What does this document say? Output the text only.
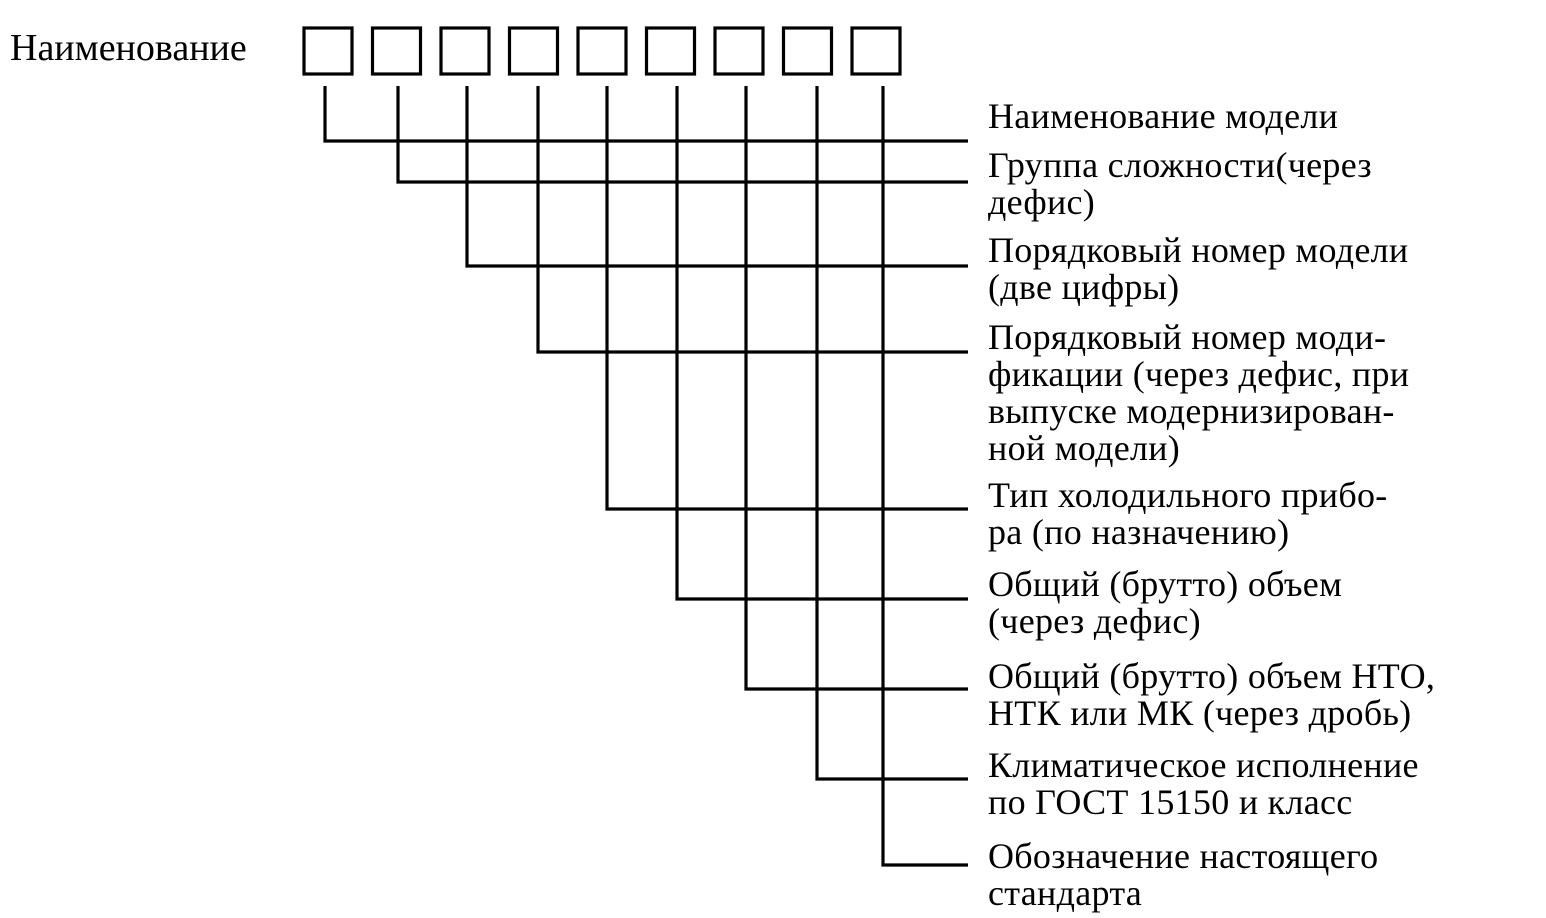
Наименование
Наименование модели
Группа сложности(через
дефис)
Порядковый номер модели
(две цифры)
Порядковый номер моди-
фикации (через дефис, при
выпуске модернизирован-
ной модели)
Тип холодильного прибо-
ра (по назначению)
Общий (брутто) объем
(через дефис)
Общий (брутто) объем НТО,
НТК или МК (через дробь)
Климатическое исполнение
по ГОСТ 15150 и класс
Обозначение настоящего
стандарта
